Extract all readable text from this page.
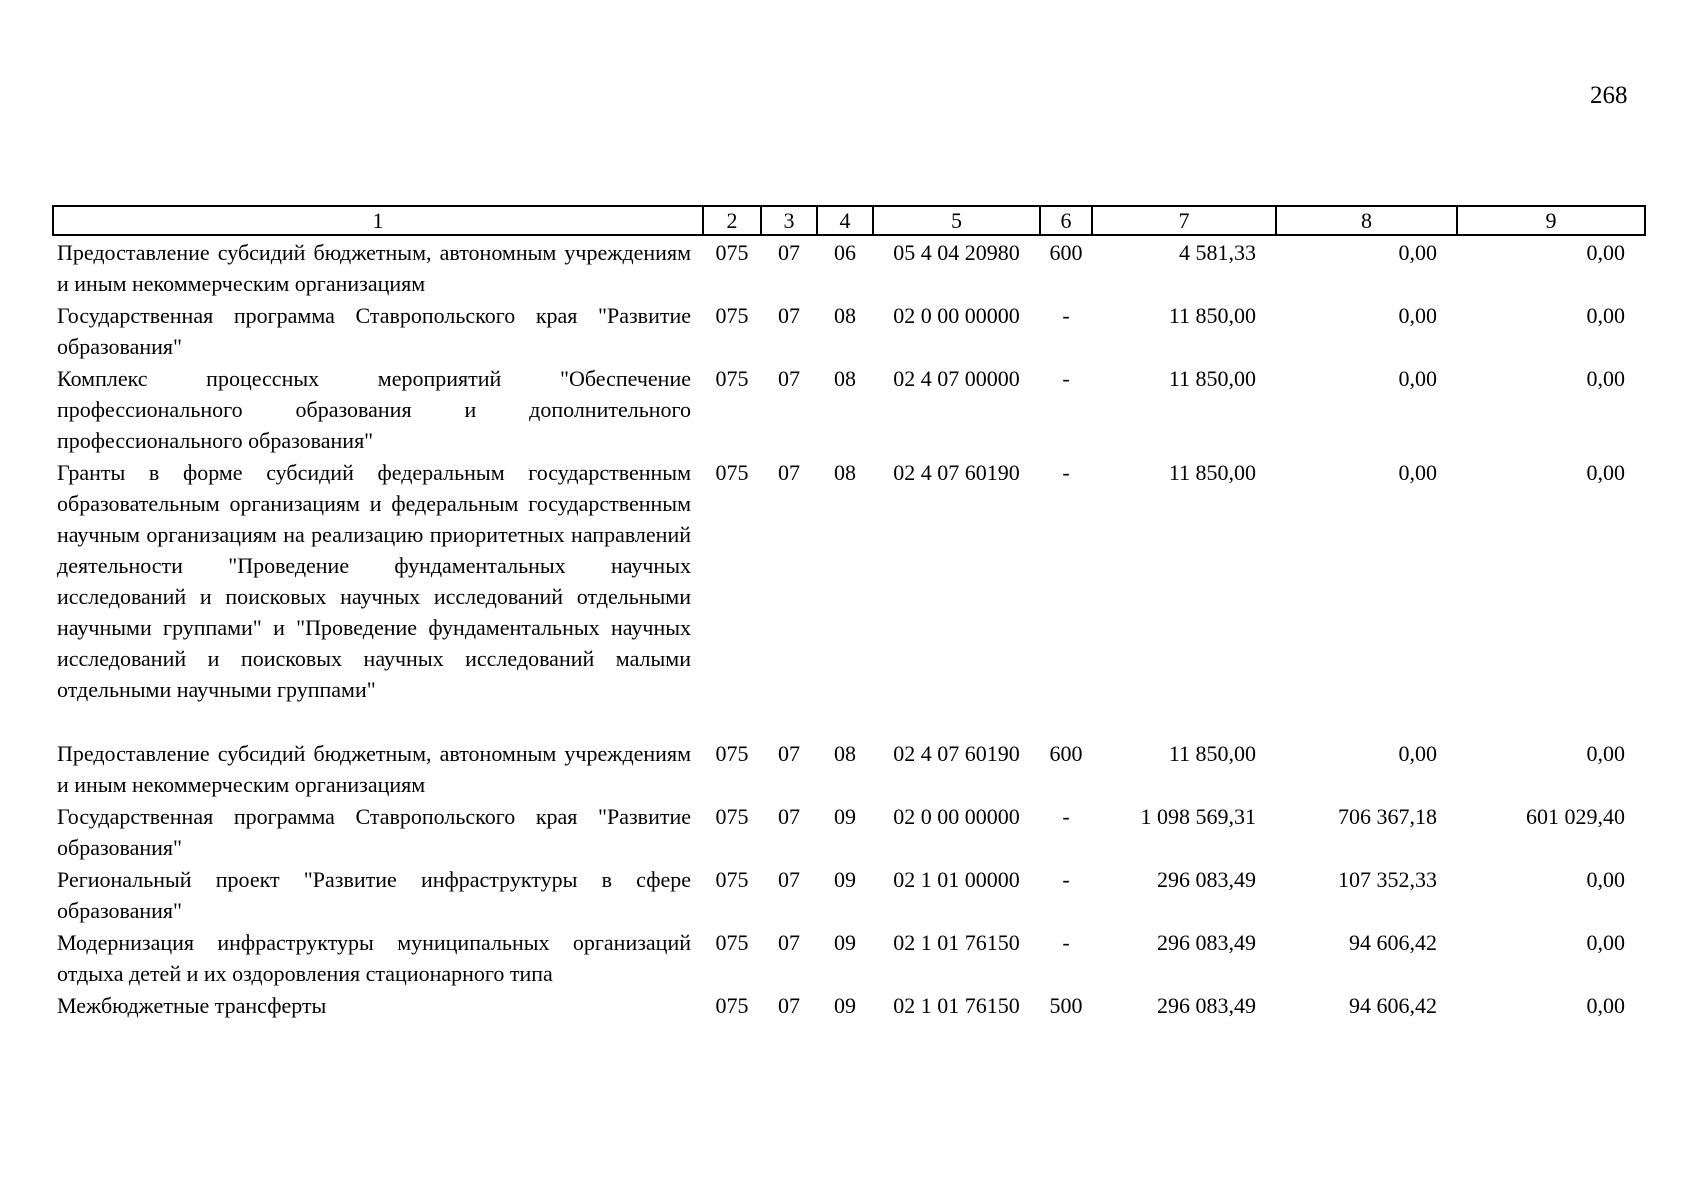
268
1	2	3	4	5	6	7	8	9
Предоставление субсидий бюджетным, автономным учреждениям и иным некоммерческим организациям	075	07	06	05 4 04 20980	600	4 581,33	0,00	0,00
Государственная программа Ставропольского края "Развитие образования"	075	07	08	02 0 00 00000	-	11 850,00	0,00	0,00
Комплекс процессных мероприятий "Обеспечение профессионального образования и дополнительного профессионального образования"	075	07	08	02 4 07 00000	-	11 850,00	0,00	0,00
Гранты в форме субсидий федеральным государственным образовательным организациям и федеральным государственным научным организациям на реализацию приоритетных направлений деятельности "Проведение фундаментальных научных исследований и поисковых научных исследований отдельными научными группами" и "Проведение фундаментальных научных исследований и поисковых научных исследований малыми отдельными научными группами"	075	07	08	02 4 07 60190	-	11 850,00	0,00	0,00

Предоставление субсидий бюджетным, автономным учреждениям и иным некоммерческим организациям	075	07	08	02 4 07 60190	600	11 850,00	0,00	0,00
Государственная программа Ставропольского края "Развитие образования"	075	07	09	02 0 00 00000	-	1 098 569,31	706 367,18	601 029,40
Региональный проект "Развитие инфраструктуры в сфере образования"	075	07	09	02 1 01 00000	-	296 083,49	107 352,33	0,00
Модернизация инфраструктуры муниципальных организаций отдыха детей и их оздоровления стационарного типа	075	07	09	02 1 01 76150	-	296 083,49	94 606,42	0,00
Межбюджетные трансферты	075	07	09	02 1 01 76150	500	296 083,49	94 606,42	0,00
